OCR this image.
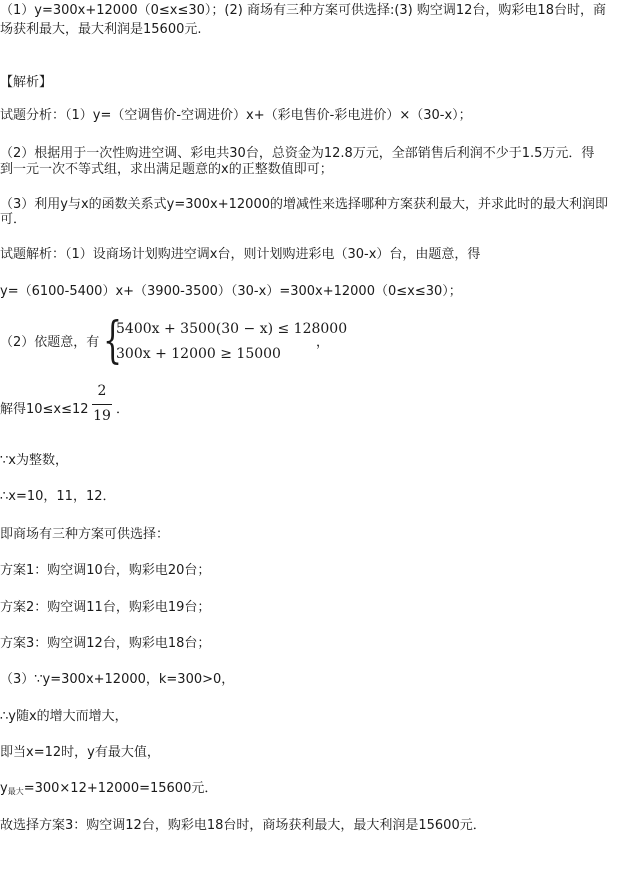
（1）y=300x+12000（0≤x≤30）；(2) 商场有三种方案可供选择:(3) 购空调12台，购彩电18台时，商
场获利最大，最大利润是15600元.
【解析】
试题分析：（1）y=（空调售价-空调进价）x+（彩电售价-彩电进价）×（30-x）；
（2）根据用于一次性购进空调、彩电共30台，总资金为12.8万元，全部销售后利润不少于1.5万元．得
到一元一次不等式组，求出满足题意的x的正整数值即可；
（3）利用y与x的函数关系式y=300x+12000的增减性来选择哪种方案获利最大，并求此时的最大利润即
可．
试题解析：（1）设商场计划购进空调x台，则计划购进彩电（30-x）台，由题意，得
y=（6100-5400）x+（3900-3500）（30-x）=300x+12000（0≤x≤30）；
（2）依题意，有 {
5400x + 3500(30 − x) ≤ 128000
300x + 12000 ≥ 15000
，
解得10≤x≤12
2
19 ．
∵x为整数，
∴x=10，11，12．
即商场有三种方案可供选择：
方案1：购空调10台，购彩电20台；
方案2：购空调11台，购彩电19台；
方案3：购空调12台，购彩电18台；
（3）∵y=300x+12000，k=300>0，
∴y随x的增大而增大，
即当x=12时，y有最大值，
$y_{最大}=300\times 12+12000=15600$元．
故选择方案3：购空调12台，购彩电18台时，商场获利最大，最大利润是15600元．
